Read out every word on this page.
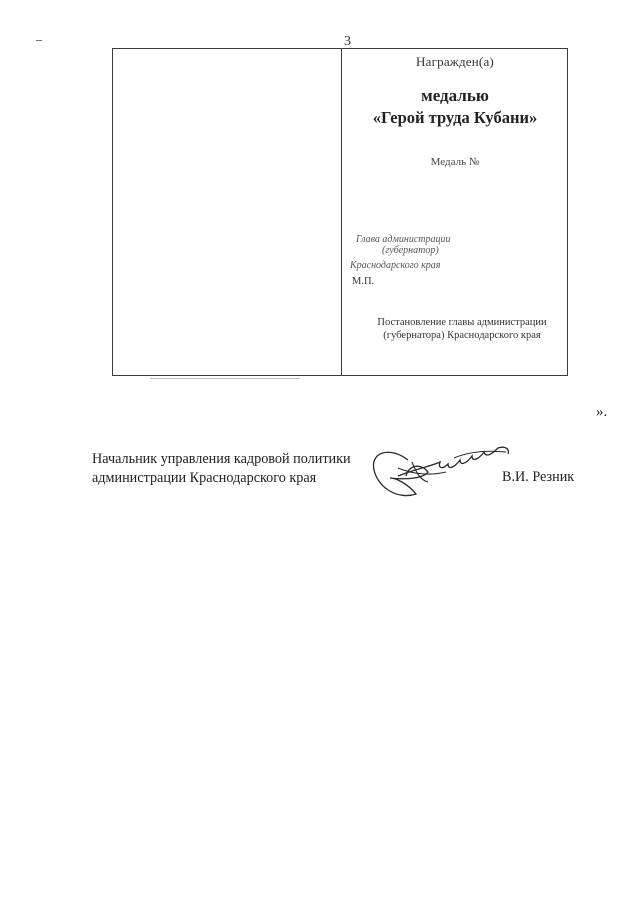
3
Награжден(а)
медалью
«Герой труда Кубани»
Медаль №
Глава администрации
(губернатор)
Краснодарского края
М.П.
Постановление главы администрации
(губернатора) Краснодарского края
».
Начальник управления кадровой политики
администрации Краснодарского края	В.И. Резник
